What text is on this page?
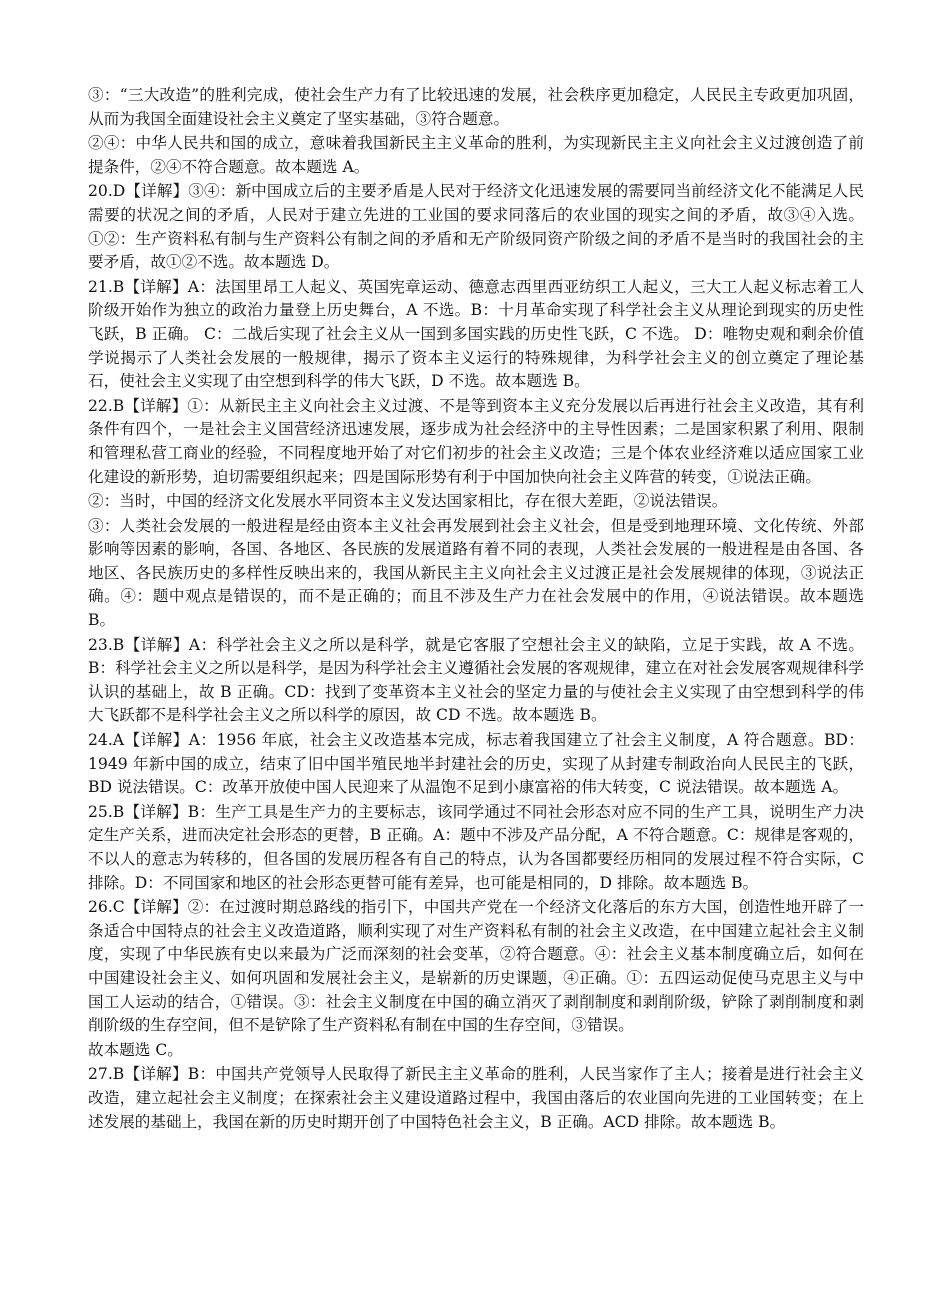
③：“三大改造”的胜利完成，使社会生产力有了比较迅速的发展，社会秩序更加稳定，人民民主专政更加巩固，从而为我国全面建设社会主义奠定了坚实基础，③符合题意。

②④：中华人民共和国的成立，意味着我国新民主主义革命的胜利，为实现新民主主义向社会主义过渡创造了前提条件，②④不符合题意。故本题选 A。

20.D【详解】③④：新中国成立后的主要矛盾是人民对于经济文化迅速发展的需要同当前经济文化不能满足人民需要的状况之间的矛盾，人民对于建立先进的工业国的要求同落后的农业国的现实之间的矛盾，故③④入选。①②：生产资料私有制与生产资料公有制之间的矛盾和无产阶级同资产阶级之间的矛盾不是当时的我国社会的主要矛盾，故①②不选。故本题选 D。

21.B【详解】A：法国里昂工人起义、英国宪章运动、德意志西里西亚纺织工人起义，三大工人起义标志着工人阶级开始作为独立的政治力量登上历史舞台，A 不选。B：十月革命实现了科学社会主义从理论到现实的历史性飞跃，B 正确。 C：二战后实现了社会主义从一国到多国实践的历史性飞跃，C 不选。 D：唯物史观和剩余价值学说揭示了人类社会发展的一般规律，揭示了资本主义运行的特殊规律，为科学社会主义的创立奠定了理论基石，使社会主义实现了由空想到科学的伟大飞跃，D 不选。故本题选 B。

22.B【详解】①：从新民主主义向社会主义过渡、不是等到资本主义充分发展以后再进行社会主义改造，其有利条件有四个，一是社会主义国营经济迅速发展，逐步成为社会经济中的主导性因素；二是国家积累了利用、限制和管理私营工商业的经验，不同程度地开始了对它们初步的社会主义改造；三是个体农业经济难以适应国家工业化建设的新形势，迫切需要组织起来；四是国际形势有利于中国加快向社会主义阵营的转变，①说法正确。

②：当时，中国的经济文化发展水平同资本主义发达国家相比，存在很大差距，②说法错误。

③：人类社会发展的一般进程是经由资本主义社会再发展到社会主义社会，但是受到地理环境、文化传统、外部影响等因素的影响，各国、各地区、各民族的发展道路有着不同的表现，人类社会发展的一般进程是由各国、各地区、各民族历史的多样性反映出来的，我国从新民主主义向社会主义过渡正是社会发展规律的体现，③说法正确。④：题中观点是错误的，而不是正确的；而且不涉及生产力在社会发展中的作用，④说法错误。故本题选 B。

23.B【详解】A：科学社会主义之所以是科学，就是它客服了空想社会主义的缺陷，立足于实践，故 A 不选。B：科学社会主义之所以是科学，是因为科学社会主义遵循社会发展的客观规律，建立在对社会发展客观规律科学认识的基础上，故 B 正确。CD：找到了变革资本主义社会的坚定力量的与使社会主义实现了由空想到科学的伟大飞跃都不是科学社会主义之所以科学的原因，故 CD 不选。故本题选 B。

24.A【详解】A：1956 年底，社会主义改造基本完成，标志着我国建立了社会主义制度，A 符合题意。BD：1949 年新中国的成立，结束了旧中国半殖民地半封建社会的历史，实现了从封建专制政治向人民民主的飞跃，BD 说法错误。C：改革开放使中国人民迎来了从温饱不足到小康富裕的伟大转变，C 说法错误。故本题选 A。

25.B【详解】B：生产工具是生产力的主要标志，该同学通过不同社会形态对应不同的生产工具，说明生产力决定生产关系，进而决定社会形态的更替，B 正确。A：题中不涉及产品分配，A 不符合题意。C：规律是客观的，不以人的意志为转移的，但各国的发展历程各有自己的特点，认为各国都要经历相同的发展过程不符合实际，C 排除。D：不同国家和地区的社会形态更替可能有差异，也可能是相同的，D 排除。故本题选 B。

26.C【详解】②：在过渡时期总路线的指引下，中国共产党在一个经济文化落后的东方大国，创造性地开辟了一条适合中国特点的社会主义改造道路，顺利实现了对生产资料私有制的社会主义改造，在中国建立起社会主义制度，实现了中华民族有史以来最为广泛而深刻的社会变革，②符合题意。④：社会主义基本制度确立后，如何在中国建设社会主义、如何巩固和发展社会主义，是崭新的历史课题，④正确。①：五四运动促使马克思主义与中国工人运动的结合，①错误。③：社会主义制度在中国的确立消灭了剥削制度和剥削阶级，铲除了剥削制度和剥削阶级的生存空间，但不是铲除了生产资料私有制在中国的生存空间，③错误。

故本题选 C。

27.B【详解】B：中国共产党领导人民取得了新民主主义革命的胜利，人民当家作了主人；接着是进行社会主义改造，建立起社会主义制度；在探索社会主义建设道路过程中，我国由落后的农业国向先进的工业国转变；在上述发展的基础上，我国在新的历史时期开创了中国特色社会主义，B 正确。ACD 排除。故本题选 B。
